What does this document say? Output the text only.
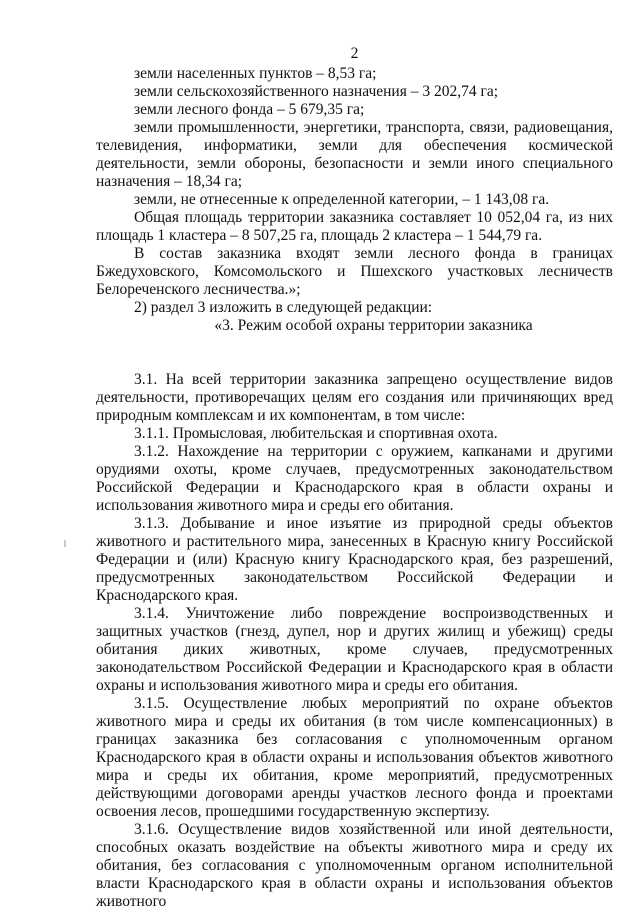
2

земли населенных пунктов – 8,53 га;

земли сельскохозяйственного назначения – 3 202,74 га;

земли лесного фонда – 5 679,35 га;

земли промышленности, энергетики, транспорта, связи, радиовещания, телевидения, информатики, земли для обеспечения космической деятельности, земли обороны, безопасности и земли иного специального назначения – 18,34 га;

земли, не отнесенные к определенной категории, – 1 143,08 га.

Общая площадь территории заказника составляет 10 052,04 га, из них площадь 1 кластера – 8 507,25 га, площадь 2 кластера – 1 544,79 га.

В состав заказника входят земли лесного фонда в границах Бжедуховского, Комсомольского и Пшехского участковых лесничеств Белореченского лесничества.»;

2) раздел 3 изложить в следующей редакции:

«3. Режим особой охраны территории заказника

3.1. На всей территории заказника запрещено осуществление видов деятельности, противоречащих целям его создания или причиняющих вред природным комплексам и их компонентам, в том числе:

3.1.1. Промысловая, любительская и спортивная охота.

3.1.2. Нахождение на территории с оружием, капканами и другими орудиями охоты, кроме случаев, предусмотренных законодательством Российской Федерации и Краснодарского края в области охраны и использования животного мира и среды его обитания.

3.1.3. Добывание и иное изъятие из природной среды объектов животного и растительного мира, занесенных в Красную книгу Российской Федерации и (или) Красную книгу Краснодарского края, без разрешений, предусмотренных законодательством Российской Федерации и Краснодарского края.

3.1.4. Уничтожение либо повреждение воспроизводственных и защитных участков (гнезд, дупел, нор и других жилищ и убежищ) среды обитания диких животных, кроме случаев, предусмотренных законодательством Российской Федерации и Краснодарского края в области охраны и использования животного мира и среды его обитания.

3.1.5. Осуществление любых мероприятий по охране объектов животного мира и среды их обитания (в том числе компенсационных) в границах заказника без согласования с уполномоченным органом Краснодарского края в области охраны и использования объектов животного мира и среды их обитания, кроме мероприятий, предусмотренных действующими договорами аренды участков лесного фонда и проектами освоения лесов, прошедшими государственную экспертизу.

3.1.6. Осуществление видов хозяйственной или иной деятельности, способных оказать воздействие на объекты животного мира и среду их обитания, без согласования с уполномоченным органом исполнительной власти Краснодарского края в области охраны и использования объектов животного
